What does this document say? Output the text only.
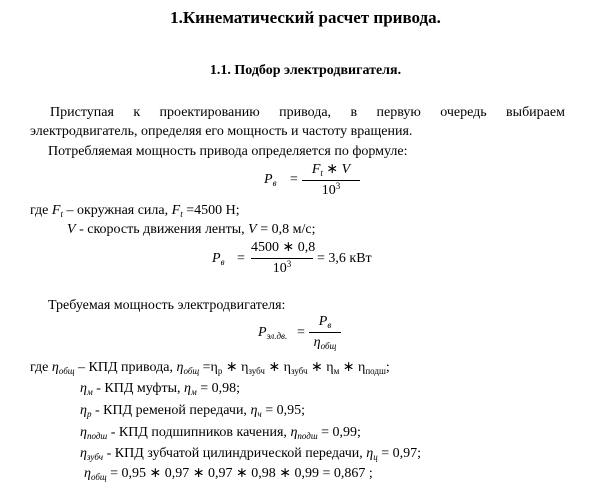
1.Кинематический расчет привода.
1.1. Подбор электродвигателя.
Приступая к проектированию привода, в первую очередь выбираем
электродвигатель, определяя его мощность и частоту вращения.
Потребляемая мощность привода определяется по формуле:
$P_в$ =
$F_t$ ∗ V
$10^3$
где $F_t$ – окружная сила, $F_t =4500$ Н;
V - скорость движения ленты, V = 0,8 м/с;
$P_в$ =
4500 ∗ 0,8
$10^3$	= 3,6 кВт
Требуемая мощность электродвигателя:
$P_{эл.дв.}$ =
$P_в$
$\eta_{общ}$
где $\eta_{общ}$ – КПД привода, $\eta_{общ} =\eta_р$ ∗ $\eta_{зубч}$ ∗ $\eta_{зубч}$ ∗ $\eta_м$ ∗ $\eta_{подш}$;
$\eta_м$ - КПД муфты, $\eta_м = 0,98$;
$\eta_р$ - КПД ременой передачи, $\eta_ч = 0,95$;
$\eta_{подш}$ - КПД подшипников качения, $\eta_{подш} = 0,99$;
$\eta_{зубч}$ - КПД зубчатой цилиндрической передачи, $\eta_ц = 0,97$;
$\eta_{общ} = 0,95$ ∗ 0,97 ∗ 0,97 ∗ 0,98 ∗ 0,99 = 0,867 ;
